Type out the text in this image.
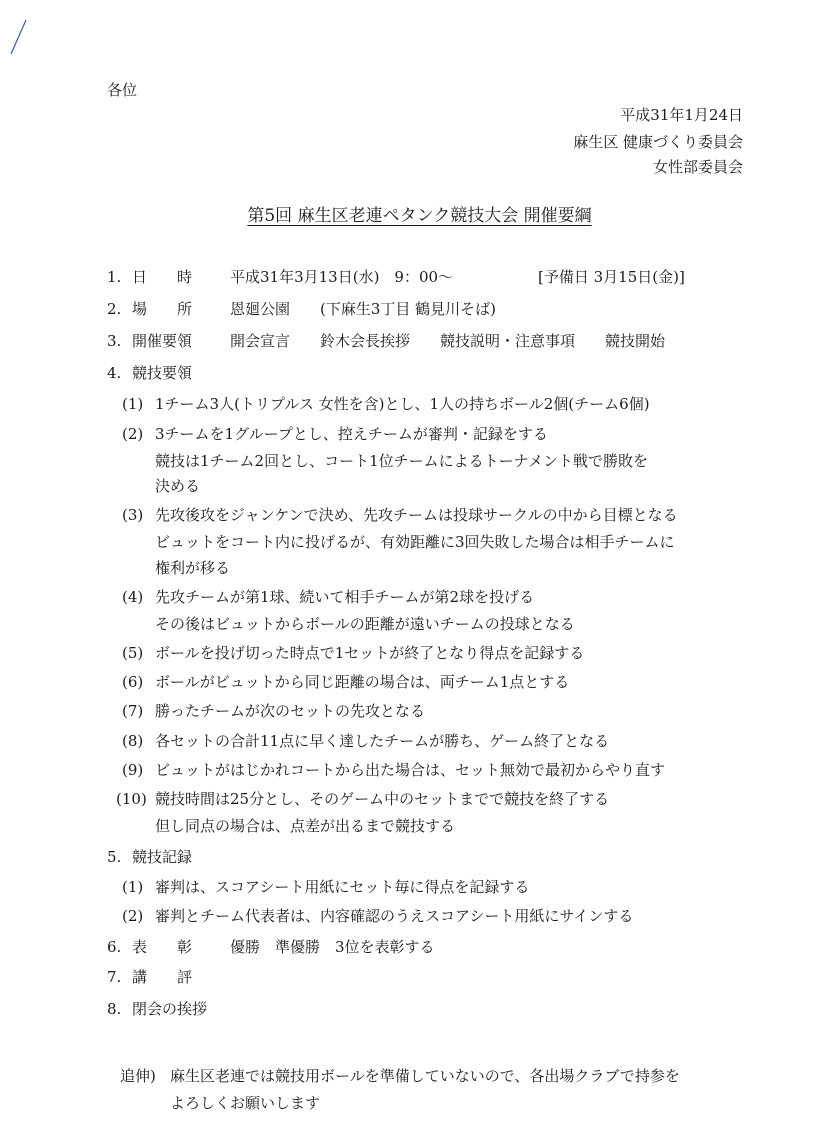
各位
平成31年1月24日
麻生区 健康づくり委員会
女性部委員会
第5回 麻生区老連ペタンク競技大会 開催要綱
1. 日　　時	平成31年3月13日(水)　9：00～	[予備日 3月15日(金)]
2. 場　　所	恩廻公園　　(下麻生3丁目 鶴見川そば)
3. 開催要領	開会宣言　　鈴木会長挨拶　　競技説明・注意事項　　競技開始
4. 競技要領
(1) 1チーム3人(トリプルス 女性を含)とし、1人の持ちボール2個(チーム6個)
(2) 3チームを1グループとし、控えチームが審判・記録をする
競技は1チーム2回とし、コート1位チームによるトーナメント戦で勝敗を
決める
(3) 先攻後攻をジャンケンで決め、先攻チームは投球サークルの中から目標となる
ビュットをコート内に投げるが、有効距離に3回失敗した場合は相手チームに
権利が移る
(4) 先攻チームが第1球、続いて相手チームが第2球を投げる
その後はビュットからボールの距離が遠いチームの投球となる
(5) ボールを投げ切った時点で1セットが終了となり得点を記録する
(6) ボールがビュットから同じ距離の場合は、両チーム1点とする
(7) 勝ったチームが次のセットの先攻となる
(8) 各セットの合計11点に早く達したチームが勝ち、ゲーム終了となる
(9) ビュットがはじかれコートから出た場合は、セット無効で最初からやり直す
(10) 競技時間は25分とし、そのゲーム中のセットまでで競技を終了する
但し同点の場合は、点差が出るまで競技する
5. 競技記録
(1) 審判は、スコアシート用紙にセット毎に得点を記録する
(2) 審判とチーム代表者は、内容確認のうえスコアシート用紙にサインする
6. 表　　彰	優勝　準優勝　3位を表彰する
7. 講　　評
8. 閉会の挨拶
追伸) 麻生区老連では競技用ボールを準備していないので、各出場クラブで持参を
よろしくお願いします
